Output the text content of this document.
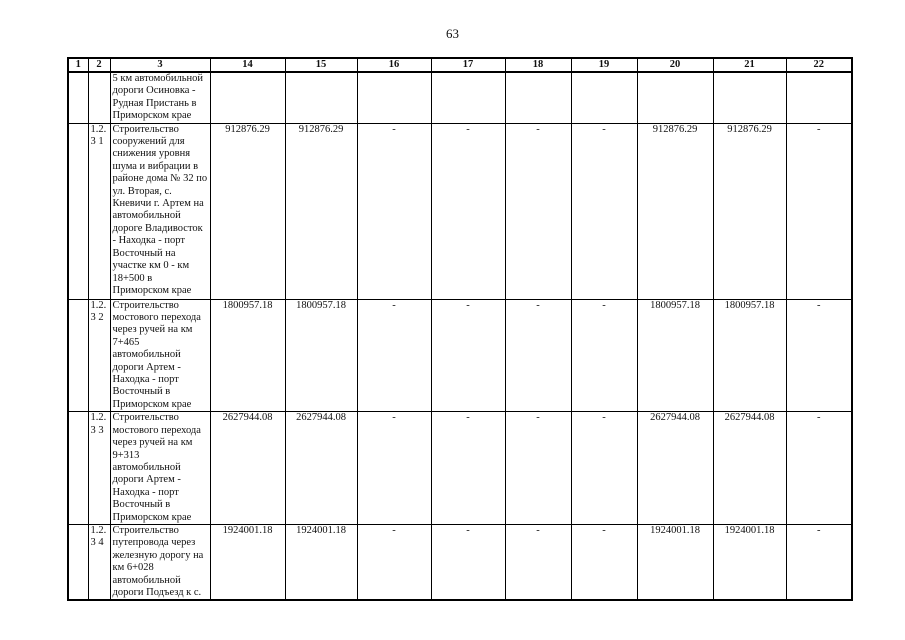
63
1	2	3	14	15	16	17	18	19	20	21	22
		5 км автомобильной дороги Осиновка - Рудная Пристань в Приморском крае									
	1.2.3 1	Строительство сооружений для снижения уровня шума и вибрации в районе дома № 32 по ул. Вторая, с. Кневичи г. Артем на автомобильной дороге Владивосток - Находка - порт Восточный на участке км 0 - км 18+500 в Приморском крае	912876.29	912876.29	-	-	-	-	912876.29	912876.29	-
	1.2.3 2	Строительство мостового перехода через ручей на км 7+465 автомобильной дороги Артем - Находка - порт Восточный в Приморском крае	1800957.18	1800957.18	-	-	-	-	1800957.18	1800957.18	-
	1.2.3 3	Строительство мостового перехода через ручей на км 9+313 автомобильной дороги Артем - Находка - порт Восточный в Приморском крае	2627944.08	2627944.08	-	-	-	-	2627944.08	2627944.08	-
	1.2.3 4	Строительство путепровода через железную дорогу на км 6+028 автомобильной дороги Подъезд к с.	1924001.18	1924001.18	-	-	-	-	1924001.18	1924001.18	-
